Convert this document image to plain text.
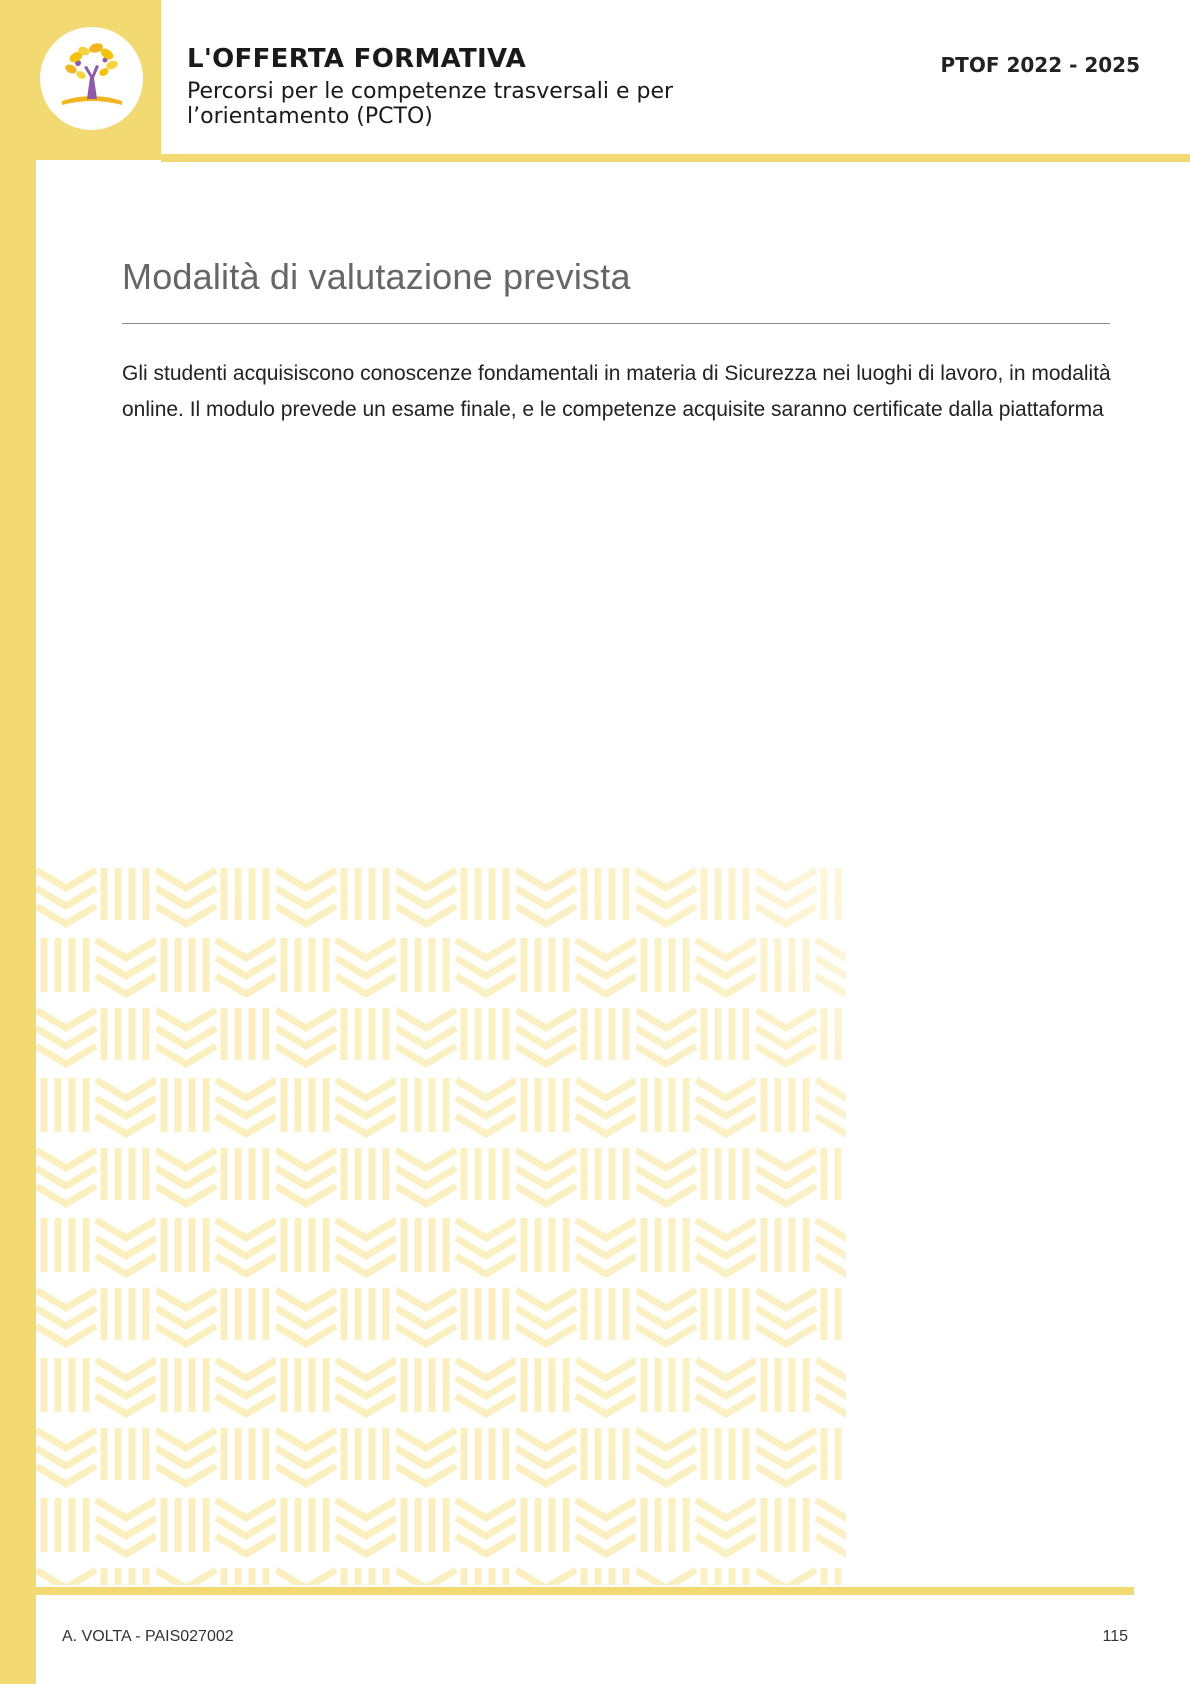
L'OFFERTA FORMATIVA
Percorsi per le competenze trasversali e per l’orientamento (PCTO)
PTOF 2022 - 2025
Modalità di valutazione prevista
Gli studenti acquisiscono conoscenze fondamentali in materia di Sicurezza nei luoghi di lavoro, in modalità online. Il modulo prevede un esame finale, e le competenze acquisite saranno certificate dalla piattaforma
A. VOLTA - PAIS027002	115
